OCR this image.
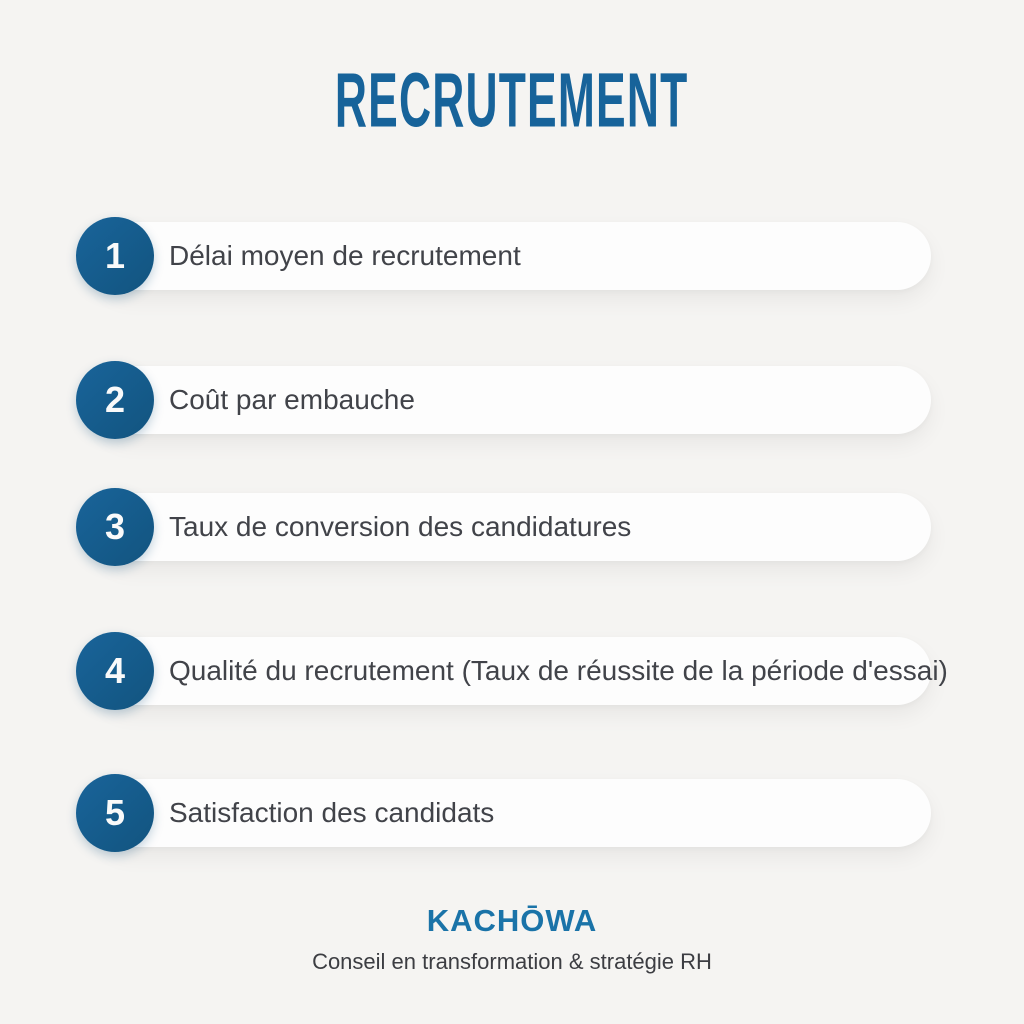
RECRUTEMENT
Délai moyen de recrutement
1
Coût par embauche
2
Taux de conversion des candidatures
3
Qualité du recrutement (Taux de réussite de la période d'essai)
4
Satisfaction des candidats
5
KACHŌWA
Conseil en transformation & stratégie RH
